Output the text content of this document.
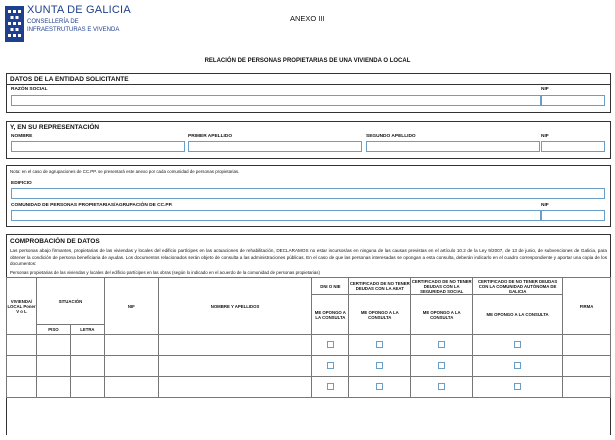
XUNTA DE GALICIA
CONSELLERÍA DE
INFRAESTRUTURAS E VIVENDA
ANEXO III
RELACIÓN DE PERSONAS PROPIETARIAS DE UNA VIVIENDA O LOCAL
DATOS DE LA ENTIDAD SOLICITANTE
RAZÓN SOCIAL	NIF
Y, EN SU REPRESENTACIÓN
NOMBRE	PRIMER APELLIDO	SEGUNDO APELLIDO	NIF
Nota: en el caso de agrupaciones de CC.PP. se presentará este anexo por cada comunidad de personas propietarias.
EDIFICIO
COMUNIDAD DE PERSONAS PROPIETARIAS/AGRUPACIÓN DE CC.PP.	NIF
COMPROBACIÓN DE DATOS
Las personas abajo firmantes, propietarias de las viviendas y locales del edificio partícipes en las actuaciones de rehabilitación, DECLARAMOS no estar incursos/as en ninguna de las causas previstas en el artículo 10.2 de la Ley 9/2007, de 13 de junio, de subvenciones de Galicia, para obtener la condición de persona beneficiaria de ayudas. Los documentos relacionados serán objeto de consulta a las administraciones públicas. En el caso de que las personas interesadas se opongan a esta consulta, deberán indicarlo en el cuadro correspondiente y aportar una copia de los documentos:
Personas propietarias de las viviendas y locales del edificio partícipes en las obras (según lo indicado en el acuerdo de la comunidad de personas propietarias)
VIVIENDA/ LOCAL Poner V o L	SITUACIÓN		NIF	NOMBRE Y APELLIDOS	DNI O NIE	CERTIFICADO DE NO TENER DEUDAS CON LA AEAT	CERTIFICADO DE NO TENER DEUDAS CON LA SEGURIDAD SOCIAL	CERTIFICADO DE NO TENER DEUDAS CON LA COMUNIDAD AUTÓNOMA DE GALICIA	FIRMA
					ME OPONGO A LA CONSULTA	ME OPONGO A LA CONSULTA	ME OPONGO A LA CONSULTA	ME OPONGO A LA CONSULTA	
	PISO	LETRA							
